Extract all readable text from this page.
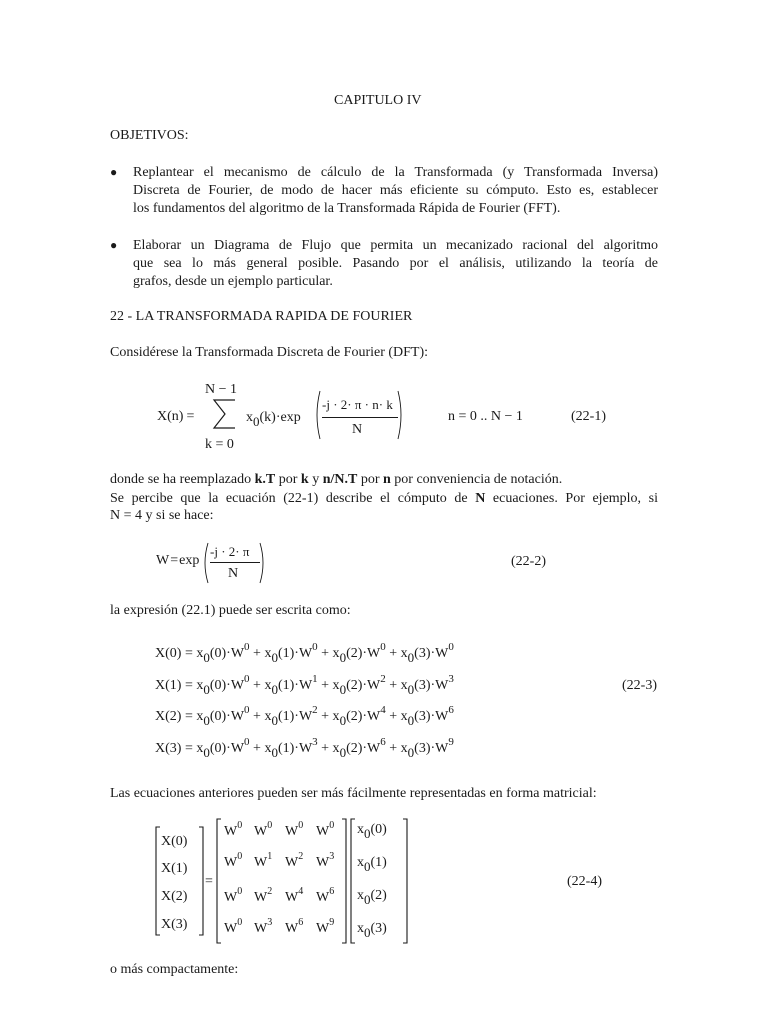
CAPITULO IV
OBJETIVOS:
● Replantear el mecanismo de cálculo de la Transformada (y Transformada Inversa)
Discreta de Fourier, de modo de hacer más eficiente su cómputo. Esto es, establecer
los fundamentos del algoritmo de la Transformada Rápida de Fourier (FFT).
● Elaborar un Diagrama de Flujo que permita un mecanizado racional del algoritmo
que sea lo más general posible. Pasando por el análisis, utilizando la teoría de
grafos, desde un ejemplo particular.
22 - LA TRANSFORMADA RAPIDA DE FOURIER
Considérese la Transformada Discreta de Fourier (DFT):
X(n) =
N − 1
k = 0
x0(k)·exp
-j · 2· π · n· k
N
n = 0 .. N − 1	(22-1)
donde se ha reemplazado k.T por k y n/N.T por n por conveniencia de notación.
Se percibe que la ecuación (22-1) describe el cómputo de N ecuaciones. Por ejemplo, si
N = 4 y si se hace:
W=exp
-j · 2· π
N
(22-2)
la expresión (22.1) puede ser escrita como:
$X(0) = x0(0)\cdot W^0 + x0(1)\cdot W^0 + x0(2)\cdot W^0 + x0(3)\cdot W^0$
$X(1) = x0(0)\cdot W^0 + x0(1)\cdot W^1 + x0(2)\cdot W^2 + x0(3)\cdot W^3$
$X(2) = x0(0)\cdot W^0 + x0(1)\cdot W^2 + x0(2)\cdot W^4 + x0(3)\cdot W^6$
$X(3) = x0(0)\cdot W^0 + x0(1)\cdot W^3 + x0(2)\cdot W^6 + x0(3)\cdot W^9$
(22-3)
Las ecuaciones anteriores pueden ser más fácilmente representadas en forma matricial:
X(0)
X(1)
X(2)
X(3)
=
$W^0$ $W^0$ $W^0$ $W^0$
$W^0$ $W^1$ $W^2$ $W^3$
$W^0$ $W^2$ $W^4$ $W^6$
$W^0$ $W^3$ $W^6$ $W^9$
x0(0)
x0(1)
x0(2)
x0(3)
(22-4)
o más compactamente:
